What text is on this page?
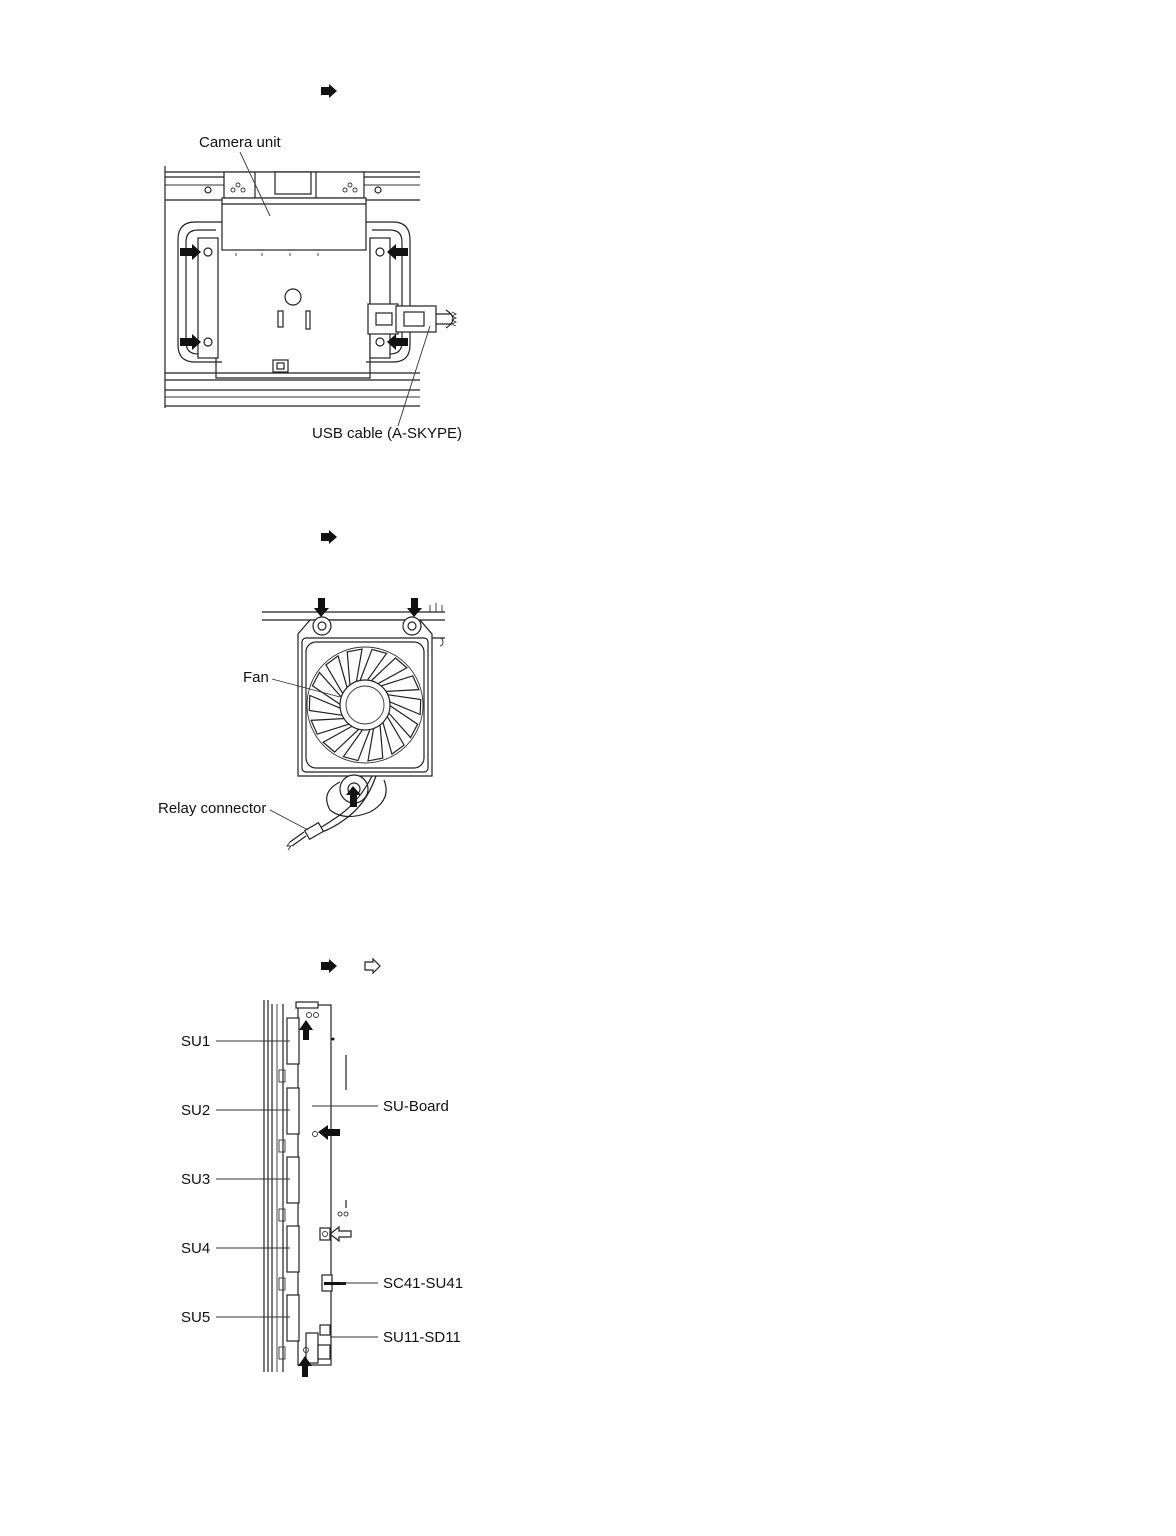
Camera unit
USB cable (A-SKYPE)
Fan
Relay connector
SU1
SU2
SU3
SU4
SU5
SU-Board
SC41-SU41
SU11-SD11
